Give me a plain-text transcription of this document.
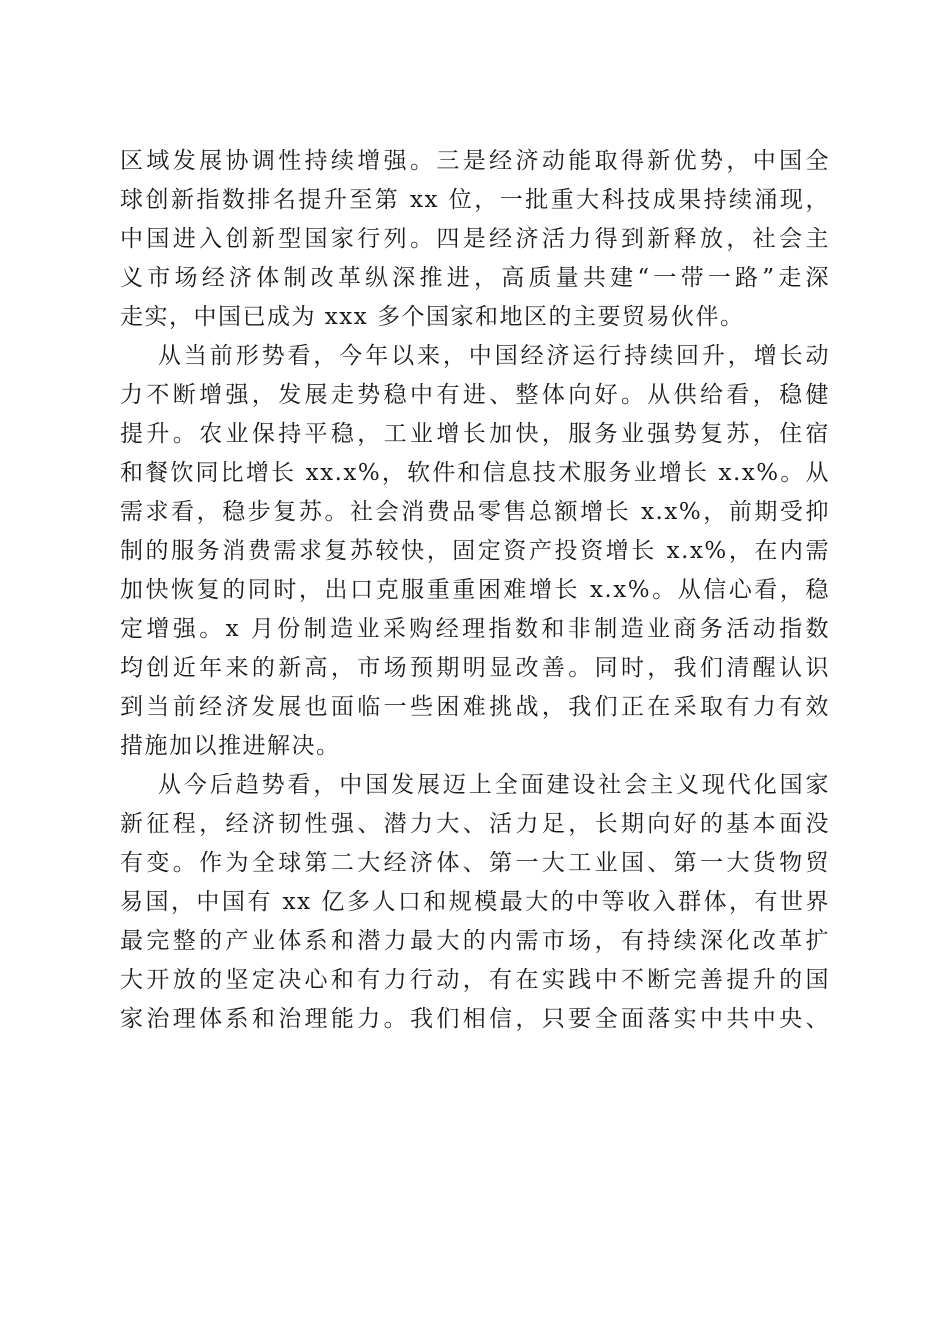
区域发展协调性持续增强。三是经济动能取得新优势，中国全
球创新指数排名提升至第 xx 位，一批重大科技成果持续涌现，
中国进入创新型国家行列。四是经济活力得到新释放，社会主
义市场经济体制改革纵深推进，高质量共建“一带一路”走深
走实，中国已成为 xxx 多个国家和地区的主要贸易伙伴。
从当前形势看，今年以来，中国经济运行持续回升，增长动
力不断增强，发展走势稳中有进、整体向好。从供给看，稳健
提升。农业保持平稳，工业增长加快，服务业强势复苏，住宿
和餐饮同比增长 xx.x%，软件和信息技术服务业增长 x.x%。从
需求看，稳步复苏。社会消费品零售总额增长 x.x%，前期受抑
制的服务消费需求复苏较快，固定资产投资增长 x.x%，在内需
加快恢复的同时，出口克服重重困难增长 x.x%。从信心看，稳
定增强。x 月份制造业采购经理指数和非制造业商务活动指数
均创近年来的新高，市场预期明显改善。同时，我们清醒认识
到当前经济发展也面临一些困难挑战，我们正在采取有力有效
措施加以推进解决。
从今后趋势看，中国发展迈上全面建设社会主义现代化国家
新征程，经济韧性强、潜力大、活力足，长期向好的基本面没
有变。作为全球第二大经济体、第一大工业国、第一大货物贸
易国，中国有 xx 亿多人口和规模最大的中等收入群体，有世界
最完整的产业体系和潜力最大的内需市场，有持续深化改革扩
大开放的坚定决心和有力行动，有在实践中不断完善提升的国
家治理体系和治理能力。我们相信，只要全面落实中共中央、
